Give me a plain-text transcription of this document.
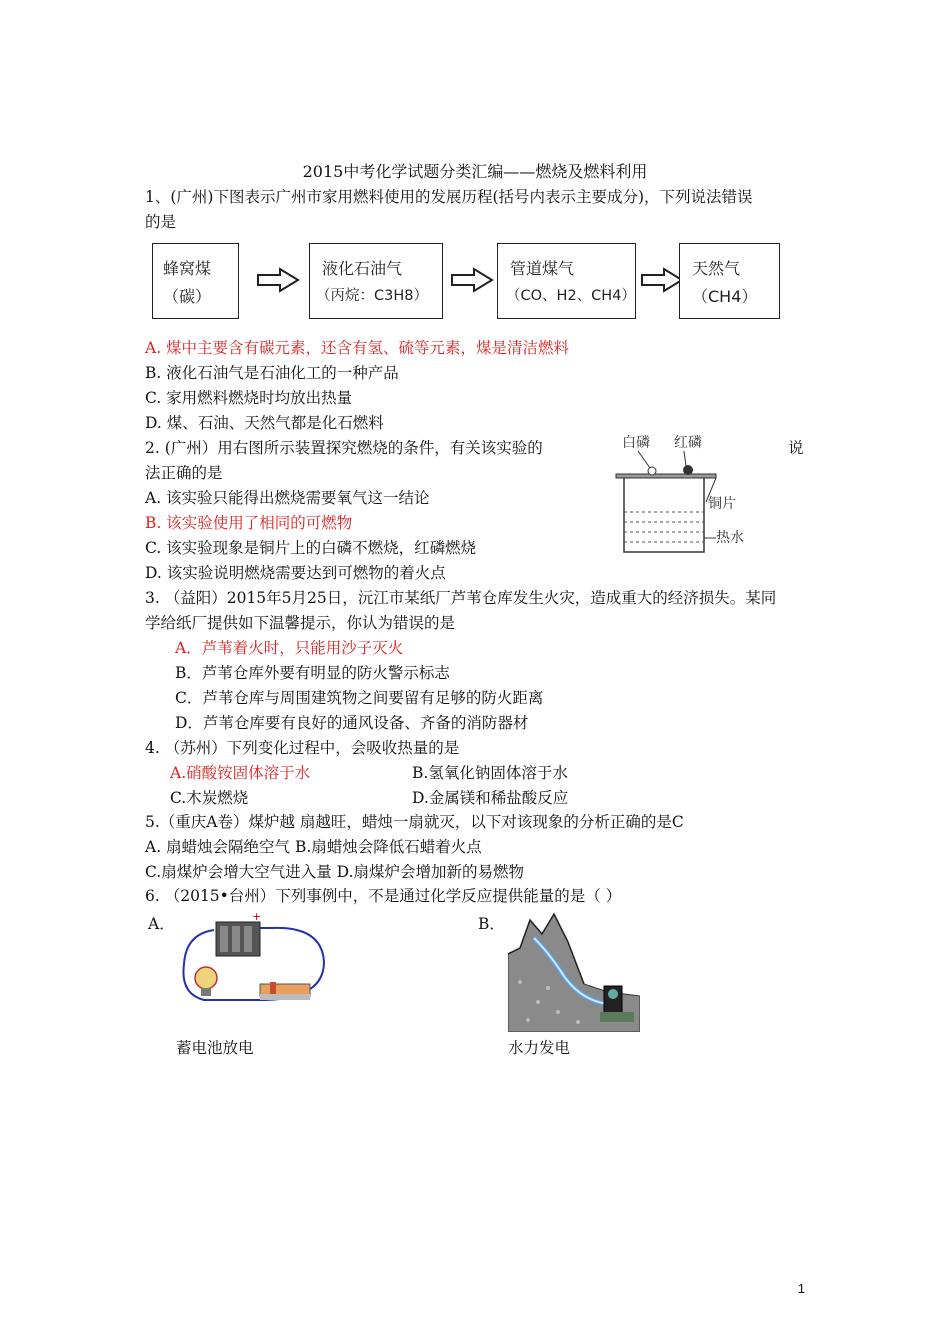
2015中考化学试题分类汇编——燃烧及燃料利用
1、(广州)下图表示广州市家用燃料使用的发展历程(括号内表示主要成分)，下列说法错误
的是
蜂窝煤
（碳）
液化石油气
（丙烷：C3H8）
管道煤气
（CO、H2、CH4）
天然气
（CH4）
A. 煤中主要含有碳元素，还含有氢、硫等元素，煤是清洁燃料
B. 液化石油气是石油化工的一种产品
C. 家用燃料燃烧时均放出热量
D. 煤、石油、天然气都是化石燃料
2. (广州）用右图所示装置探究燃烧的条件，有关该实验的	说
法正确的是
A. 该实验只能得出燃烧需要氧气这一结论
B. 该实验使用了相同的可燃物
C. 该实验现象是铜片上的白磷不燃烧，红磷燃烧
D. 该实验说明燃烧需要达到可燃物的着火点
白磷 红磷
铜片
热水
3. （益阳）2015年5月25日，沅江市某纸厂芦苇仓库发生火灾，造成重大的经济损失。某同
学给纸厂提供如下温馨提示，你认为错误的是
A．芦苇着火时，只能用沙子灭火
B．芦苇仓库外要有明显的防火警示标志
C．芦苇仓库与周围建筑物之间要留有足够的防火距离
D．芦苇仓库要有良好的通风设备、齐备的消防器材
4. （苏州）下列变化过程中，会吸收热量的是
A.硝酸铵固体溶于水	B.氢氧化钠固体溶于水
C.木炭燃烧	D.金属镁和稀盐酸反应
5.（重庆A卷）煤炉越 扇越旺，蜡烛一扇就灭，以下对该现象的分析正确的是C
A. 扇蜡烛会隔绝空气 B.扇蜡烛会降低石蜡着火点
C.扇煤炉会增大空气进入量 D.扇煤炉会增加新的易燃物
6. （2015•台州）下列事例中，不是通过化学反应提供能量的是（ ）
A．	B．
+
蓄电池放电	水力发电
1
